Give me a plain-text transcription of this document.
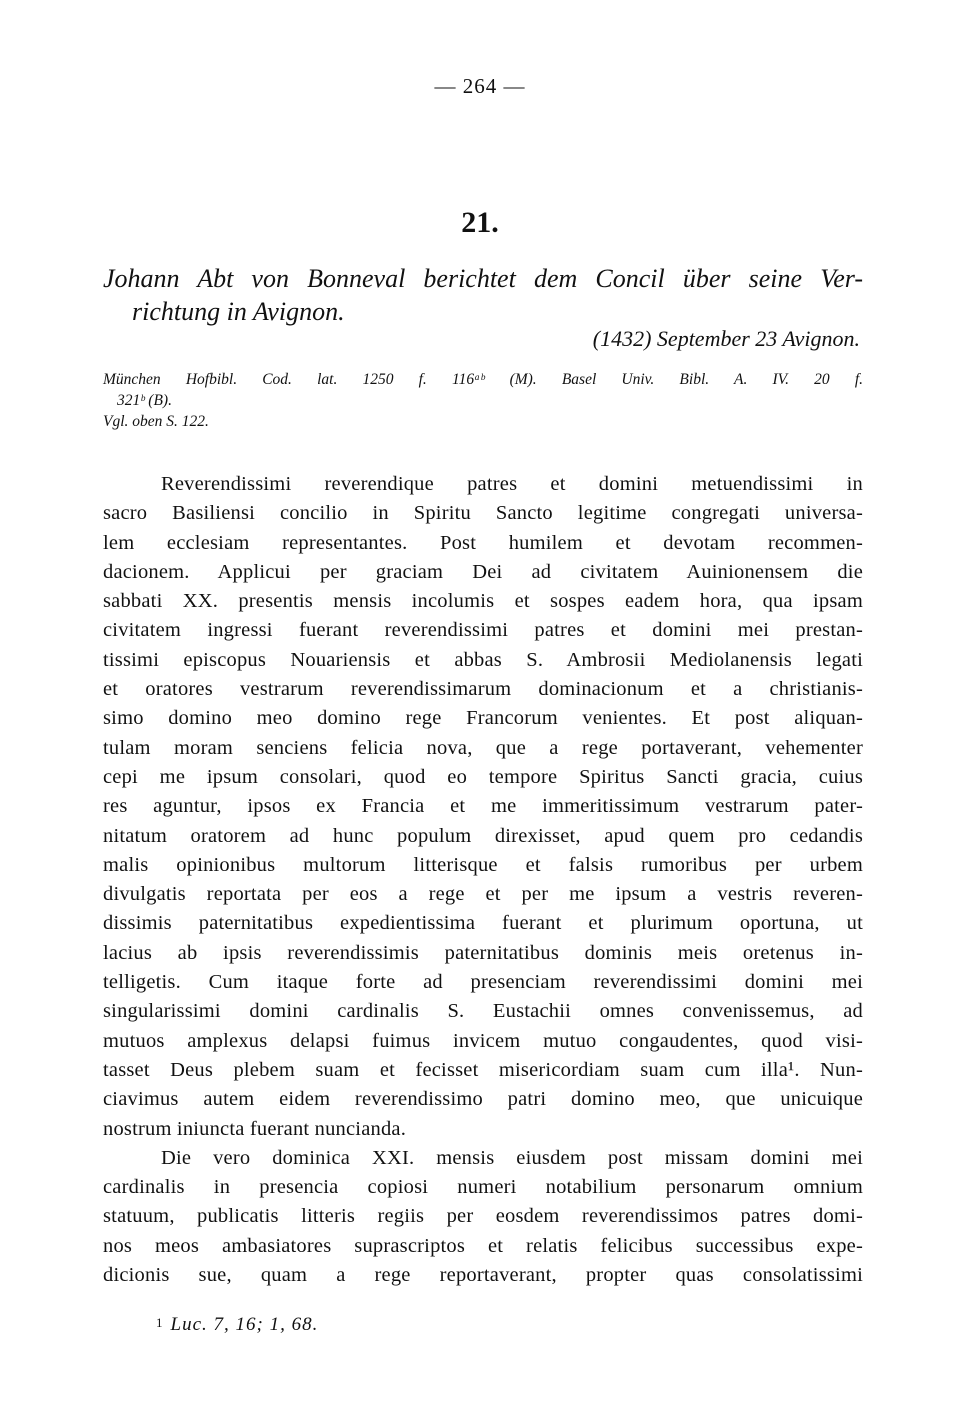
— 264 —
21.
Johann Abt von Bonneval berichtet dem Concil über seine Ver-
richtung in Avignon.
(1432) September 23 Avignon.
München Hofbibl. Cod. lat. 1250 f. 116ᵃᵇ (M). Basel Univ. Bibl. A. IV. 20 f.
321ᵇ (B).
Vgl. oben S. 122.
Reverendissimi reverendique patres et domini metuendissimi in
sacro Basiliensi concilio in Spiritu Sancto legitime congregati universa-
lem ecclesiam representantes. Post humilem et devotam recommen-
dacionem. Applicui per graciam Dei ad civitatem Auinionensem die
sabbati XX. presentis mensis incolumis et sospes eadem hora, qua ipsam
civitatem ingressi fuerant reverendissimi patres et domini mei prestan-
tissimi episcopus Nouariensis et abbas S. Ambrosii Mediolanensis legati
et oratores vestrarum reverendissimarum dominacionum et a christianis-
simo domino meo domino rege Francorum venientes. Et post aliquan-
tulam moram senciens felicia nova, que a rege portaverant, vehementer
cepi me ipsum consolari, quod eo tempore Spiritus Sancti gracia, cuius
res aguntur, ipsos ex Francia et me immeritissimum vestrarum pater-
nitatum oratorem ad hunc populum direxisset, apud quem pro cedandis
malis opinionibus multorum litterisque et falsis rumoribus per urbem
divulgatis reportata per eos a rege et per me ipsum a vestris reveren-
dissimis paternitatibus expedientissima fuerant et plurimum oportuna, ut
lacius ab ipsis reverendissimis paternitatibus dominis meis oretenus in-
telligetis. Cum itaque forte ad presenciam reverendissimi domini mei
singularissimi domini cardinalis S. Eustachii omnes convenissemus, ad
mutuos amplexus delapsi fuimus invicem mutuo congaudentes, quod visi-
tasset Deus plebem suam et fecisset misericordiam suam cum illa¹. Nun-
ciavimus autem eidem reverendissimo patri domino meo, que unicuique
nostrum iniuncta fuerant nuncianda.
Die vero dominica XXI. mensis eiusdem post missam domini mei
cardinalis in presencia copiosi numeri notabilium personarum omnium
statuum, publicatis litteris regiis per eosdem reverendissimos patres domi-
nos meos ambasiatores suprascriptos et relatis felicibus successibus expe-
dicionis sue, quam a rege reportaverant, propter quas consolatissimi
$^1$ Luc. 7, 16; 1, 68.
